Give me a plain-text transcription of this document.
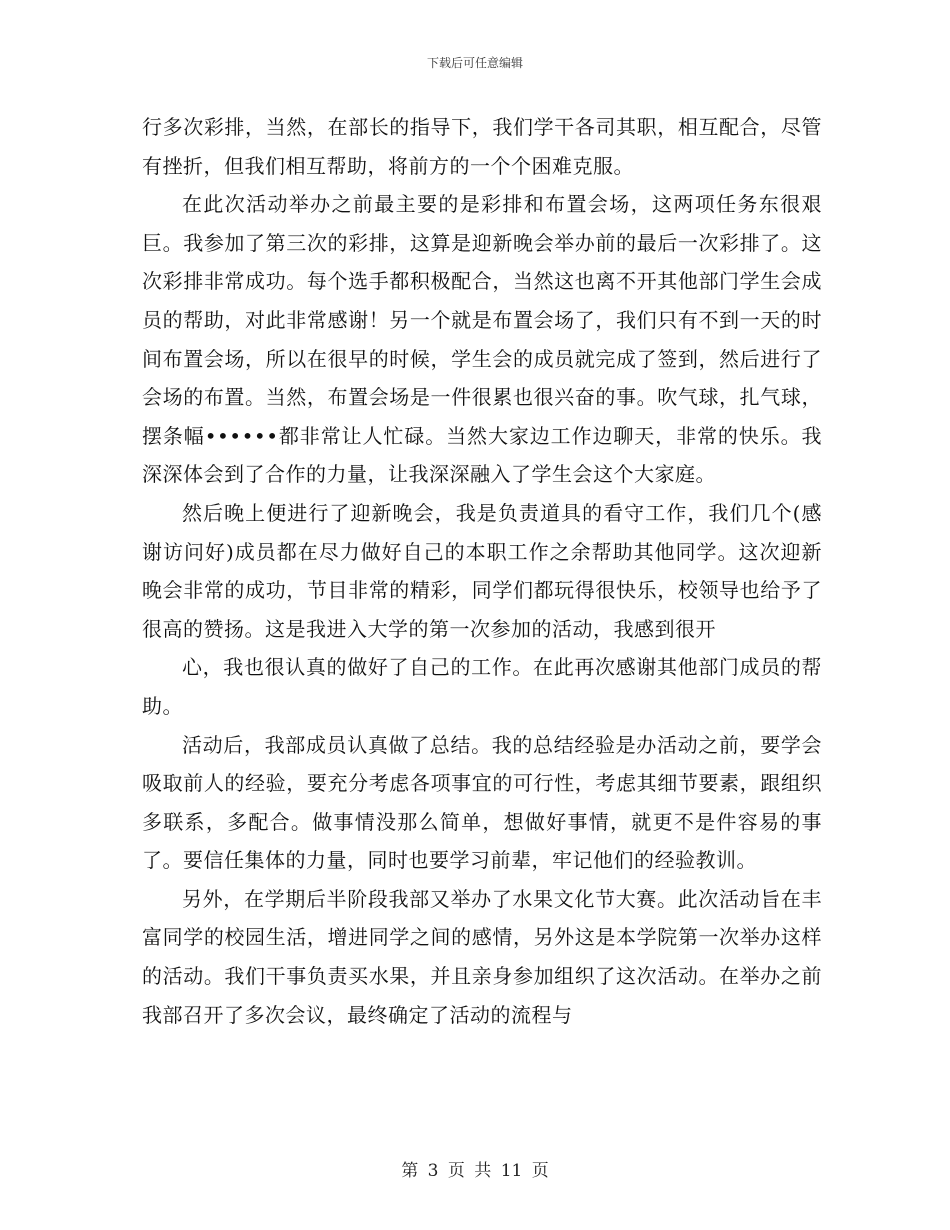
下载后可任意编辑

行多次彩排，当然，在部长的指导下，我们学干各司其职，相互配合，尽管有挫折，但我们相互帮助，将前方的一个个困难克服。

在此次活动举办之前最主要的是彩排和布置会场，这两项任务东很艰巨。我参加了第三次的彩排，这算是迎新晚会举办前的最后一次彩排了。这次彩排非常成功。每个选手都积极配合，当然这也离不开其他部门学生会成员的帮助，对此非常感谢！另一个就是布置会场了，我们只有不到一天的时间布置会场，所以在很早的时候，学生会的成员就完成了签到，然后进行了会场的布置。当然，布置会场是一件很累也很兴奋的事。吹气球，扎气球，摆条幅••••••都非常让人忙碌。当然大家边工作边聊天，非常的快乐。我深深体会到了合作的力量，让我深深融入了学生会这个大家庭。

然后晚上便进行了迎新晚会，我是负责道具的看守工作，我们几个(感谢访问好)成员都在尽力做好自己的本职工作之余帮助其他同学。这次迎新晚会非常的成功，节目非常的精彩，同学们都玩得很快乐，校领导也给予了很高的赞扬。这是我进入大学的第一次参加的活动，我感到很开

心，我也很认真的做好了自己的工作。在此再次感谢其他部门成员的帮助。

活动后，我部成员认真做了总结。我的总结经验是办活动之前，要学会吸取前人的经验，要充分考虑各项事宜的可行性，考虑其细节要素，跟组织多联系，多配合。做事情没那么简单，想做好事情，就更不是件容易的事了。要信任集体的力量，同时也要学习前辈，牢记他们的经验教训。

另外，在学期后半阶段我部又举办了水果文化节大赛。此次活动旨在丰富同学的校园生活，增进同学之间的感情，另外这是本学院第一次举办这样的活动。我们干事负责买水果，并且亲身参加组织了这次活动。在举办之前我部召开了多次会议，最终确定了活动的流程与

第 3 页 共 11 页
